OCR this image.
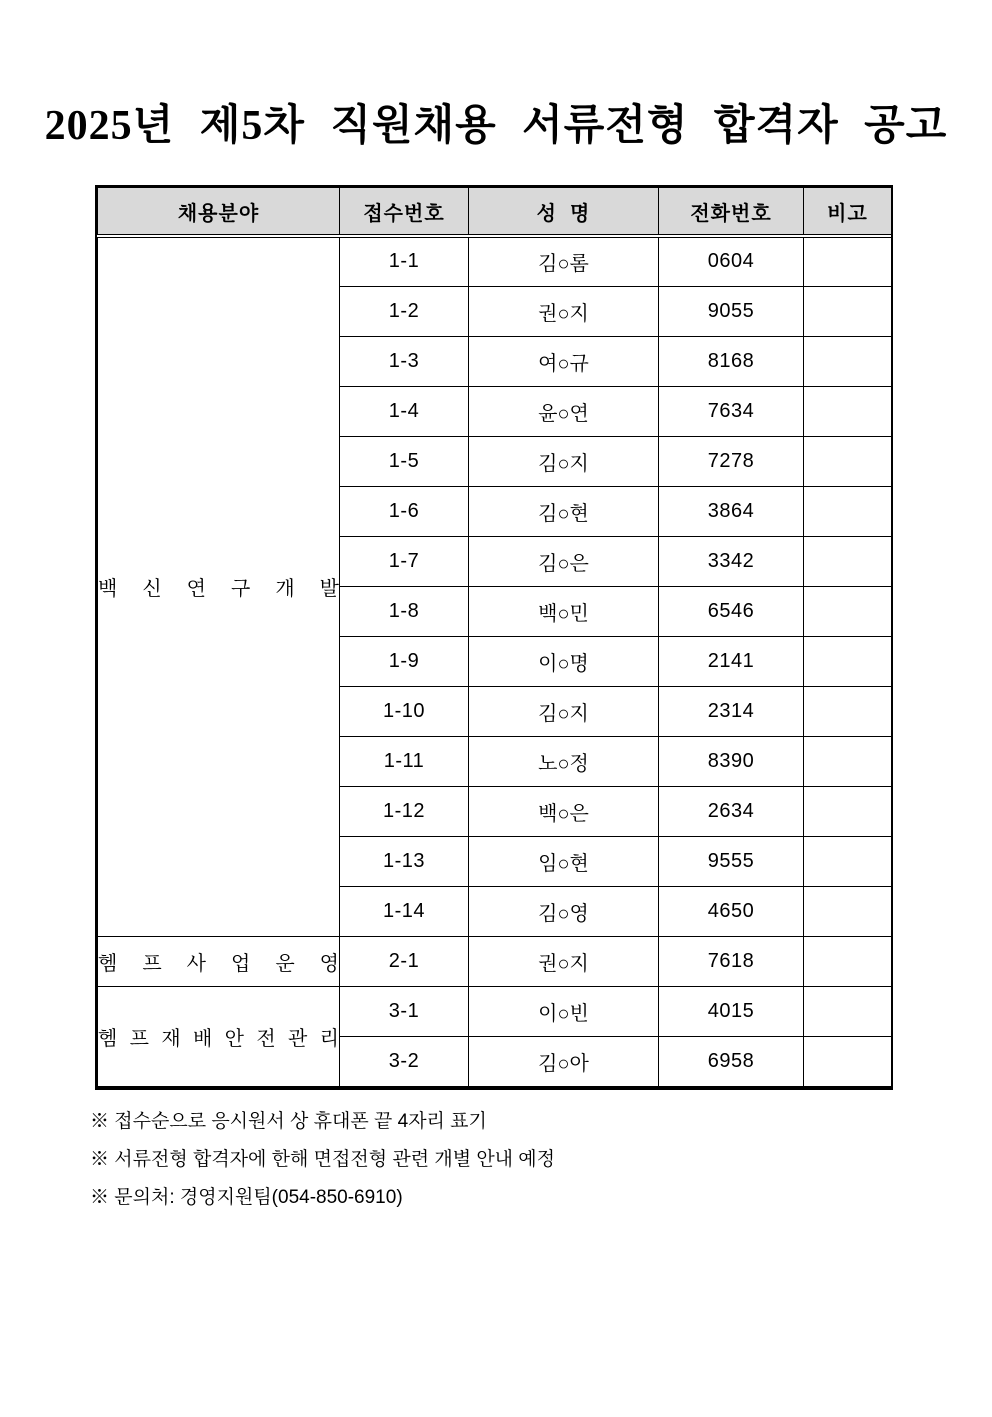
2025년 제5차 직원채용 서류전형 합격자 공고
채용분야	접수번호	성  명	전화번호	비고
백 신 연 구 개 발	1-1	김○롬	0604	
	1-2	권○지	9055	
	1-3	여○규	8168	
	1-4	윤○연	7634	
	1-5	김○지	7278	
	1-6	김○현	3864	
	1-7	김○은	3342	
	1-8	백○민	6546	
	1-9	이○명	2141	
	1-10	김○지	2314	
	1-11	노○정	8390	
	1-12	백○은	2634	
	1-13	임○현	9555	
	1-14	김○영	4650	
헴 프 사 업 운 영	2-1	권○지	7618	
헴 프 재 배 안 전 관 리	3-1	이○빈	4015	
	3-2	김○아	6958	

※ 접수순으로 응시원서 상 휴대폰 끝 4자리 표기

※ 서류전형 합격자에 한해 면접전형 관련 개별 안내 예정

※ 문의처: 경영지원팀(054-850-6910)
